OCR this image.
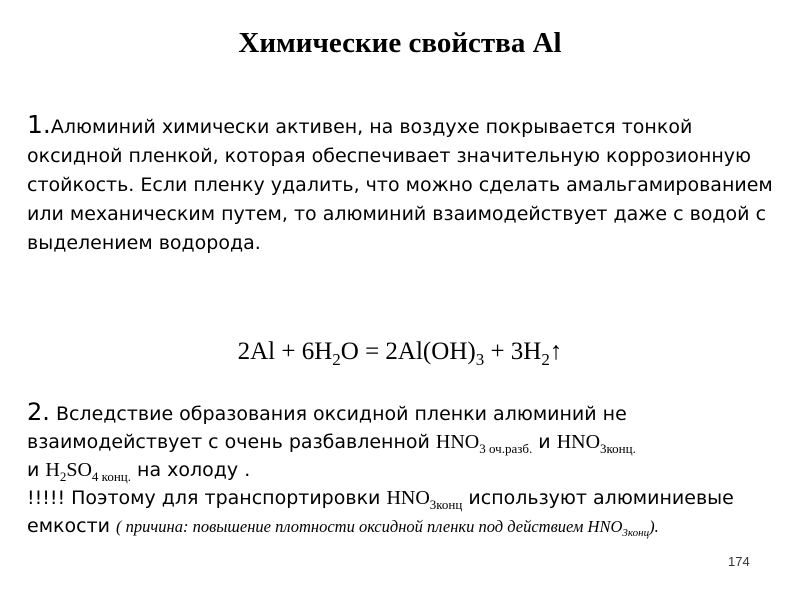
Химические свойства Al
1.Алюминий химически активен, на воздухе покрывается тонкой оксидной пленкой, которая обеспечивает значительную коррозионную стойкость. Если пленку удалить, что можно сделать амальгамированием или механическим путем, то алюминий взаимодействует даже с водой с выделением водорода.
$2Al + 6H_2O = 2Al(OH)_3$ + $3H_2↑$
2. Вследствие образования оксидной пленки алюминий не взаимодействует с очень разбавленной $HNO_{3 оч.разб.}$ и $HNO_{3конц.}$
и $H_2SO_{4 конц.}$ на холоду .
!!!!! Поэтому для транспортировки $HNO_{3конц}$ используют алюминиевые емкости ( причина: повышение плотности оксидной пленки под действием $HNO_{3конц}$).
174
